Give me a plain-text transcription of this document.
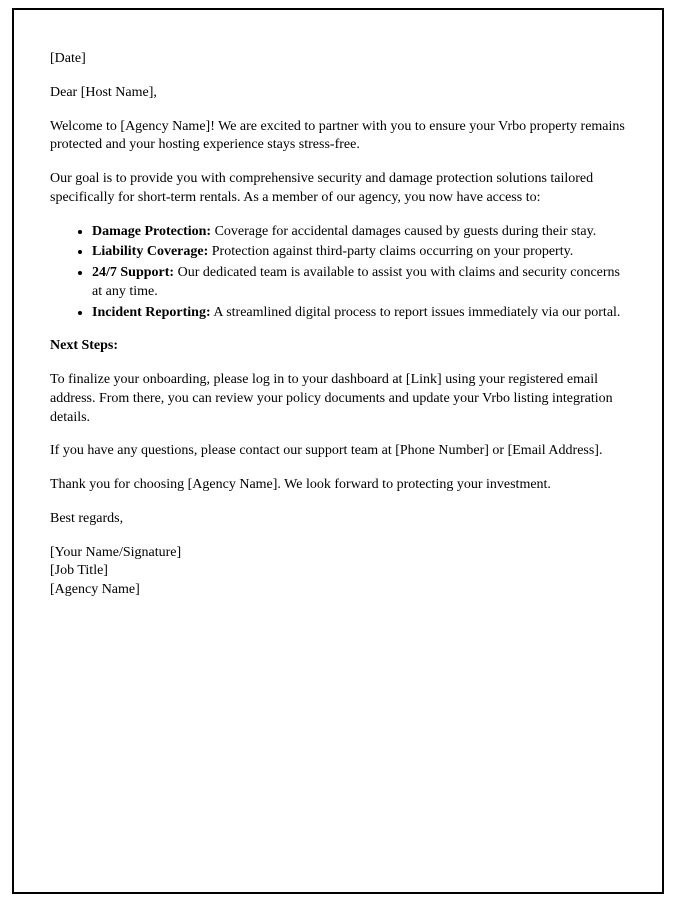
[Date]

Dear [Host Name],

Welcome to [Agency Name]! We are excited to partner with you to ensure your Vrbo property remains protected and your hosting experience stays stress-free.

Our goal is to provide you with comprehensive security and damage protection solutions tailored specifically for short-term rentals. As a member of our agency, you now have access to:

• Damage Protection: Coverage for accidental damages caused by guests during their stay.
• Liability Coverage: Protection against third-party claims occurring on your property.
• 24/7 Support: Our dedicated team is available to assist you with claims and security concerns at any time.
• Incident Reporting: A streamlined digital process to report issues immediately via our portal.

Next Steps:

To finalize your onboarding, please log in to your dashboard at [Link] using your registered email address. From there, you can review your policy documents and update your Vrbo listing integration details.

If you have any questions, please contact our support team at [Phone Number] or [Email Address].

Thank you for choosing [Agency Name]. We look forward to protecting your investment.

Best regards,

[Your Name/Signature]
[Job Title]
[Agency Name]
